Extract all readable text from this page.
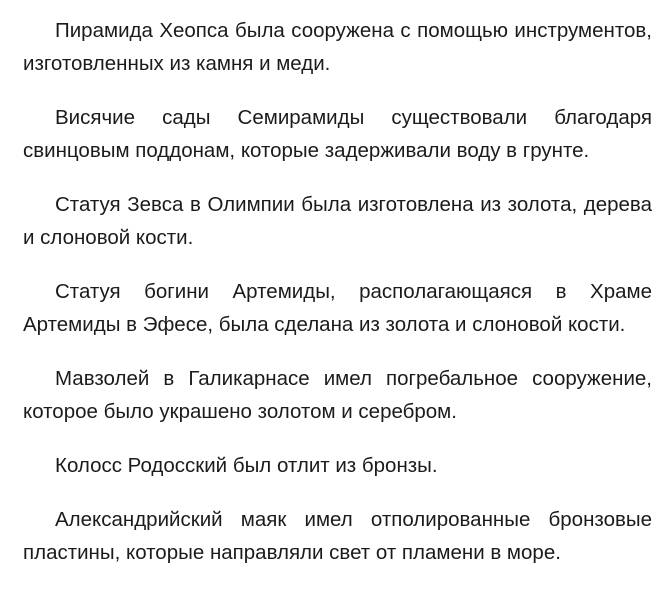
Пирамида Хеопса была сооружена с помощью инструментов, изготовленных из камня и меди.

Висячие сады Семирамиды существовали благодаря свинцовым поддонам, которые задерживали воду в грунте.

Статуя Зевса в Олимпии была изготовлена из золота, дерева и слоновой кости.

Статуя богини Артемиды, располагающаяся в Храме Артемиды в Эфесе, была сделана из золота и слоновой кости.

Мавзолей в Галикарнасе имел погребальное сооружение, которое было украшено золотом и серебром.

Колосс Родосский был отлит из бронзы.

Александрийский маяк имел отполированные бронзовые пластины, которые направляли свет от пламени в море.
